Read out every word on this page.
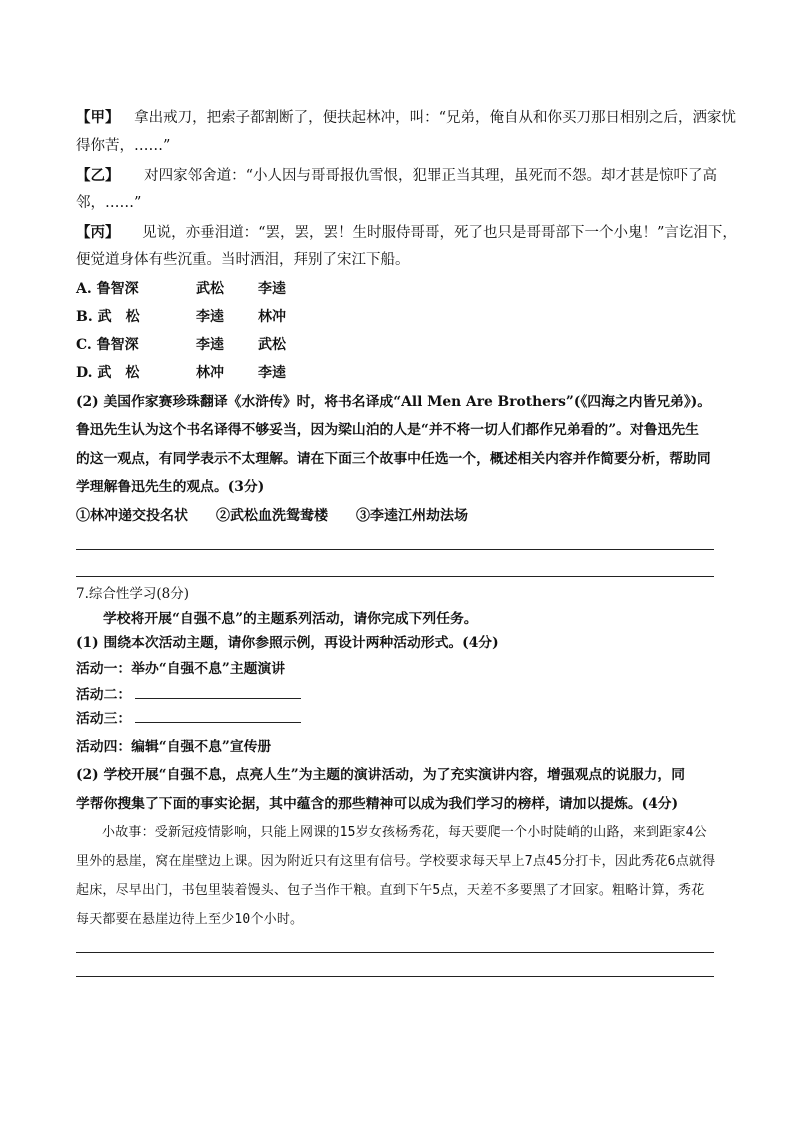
【甲】 拿出戒刀，把索子都割断了，便扶起林冲，叫：“兄弟，俺自从和你买刀那日相别之后，洒家忧
得你苦，……”
【乙】 对四家邻舍道：“小人因与哥哥报仇雪恨，犯罪正当其理，虽死而不怨。却才甚是惊吓了高
邻，……”
【丙】 见说，亦垂泪道：“罢，罢，罢！生时服侍哥哥，死了也只是哥哥部下一个小鬼！”言讫泪下，
便觉道身体有些沉重。当时洒泪，拜别了宋江下船。
A. 鲁智深	武松 李逵
B. 武　松	李逵 林冲
C. 鲁智深	李逵 武松
D. 武　松	林冲 李逵
(2) 美国作家赛珍珠翻译《水浒传》时，将书名译成“All Men Are Brothers”(《四海之内皆兄弟》)。
鲁迅先生认为这个书名译得不够妥当，因为梁山泊的人是“并不将一切人们都作兄弟看的”。对鲁迅先生
的这一观点，有同学表示不太理解。请在下面三个故事中任选一个，概述相关内容并作简要分析，帮助同
学理解鲁迅先生的观点。(3分)
①林冲递交投名状 ②武松血洗鸳鸯楼 ③李逵江州劫法场
7.综合性学习(8分)
学校将开展“自强不息”的主题系列活动，请你完成下列任务。
(1) 围绕本次活动主题，请你参照示例，再设计两种活动形式。(4分)
活动一：举办“自强不息”主题演讲
活动二：
活动三：
活动四：编辑“自强不息”宣传册
(2) 学校开展“自强不息，点亮人生”为主题的演讲活动，为了充实演讲内容，增强观点的说服力，同
学帮你搜集了下面的事实论据，其中蕴含的那些精神可以成为我们学习的榜样，请加以提炼。(4分)
小故事：受新冠疫情影响，只能上网课的15岁女孩杨秀花，每天要爬一个小时陡峭的山路，来到距家4公里外的悬崖，窝在崖壁边上课。因为附近只有这里有信号。学校要求每天早上7点45分打卡，因此秀花6点就得起床，尽早出门，书包里装着馒头、包子当作干粮。直到下午5点，天差不多要黑了才回家。粗略计算，秀花每天都要在悬崖边待上至少10个小时。
